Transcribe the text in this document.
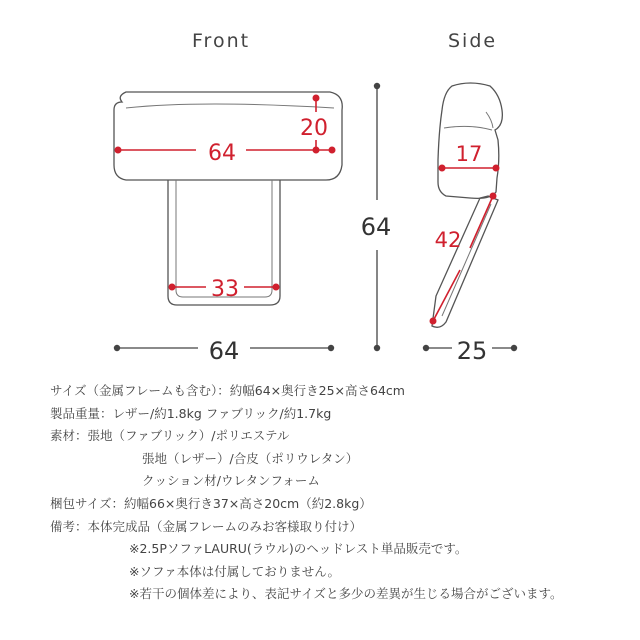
Front	Side
64
20
33
64
64
17
42
25
サイズ（金属フレームも含む）：約幅64×奥行き25×高さ64cm
製品重量：レザー/約1.8kg ファブリック/約1.7kg
素材：張地（ファブリック）/ポリエステル
張地（レザー）/合皮（ポリウレタン）
クッション材/ウレタンフォーム
梱包サイズ：約幅66×奥行き37×高さ20cm（約2.8kg）
備考：本体完成品（金属フレームのみお客様取り付け）
※2.5PソファLAURU(ラウル)のヘッドレスト単品販売です。
※ソファ本体は付属しておりません。
※若干の個体差により、表記サイズと多少の差異が生じる場合がございます。
